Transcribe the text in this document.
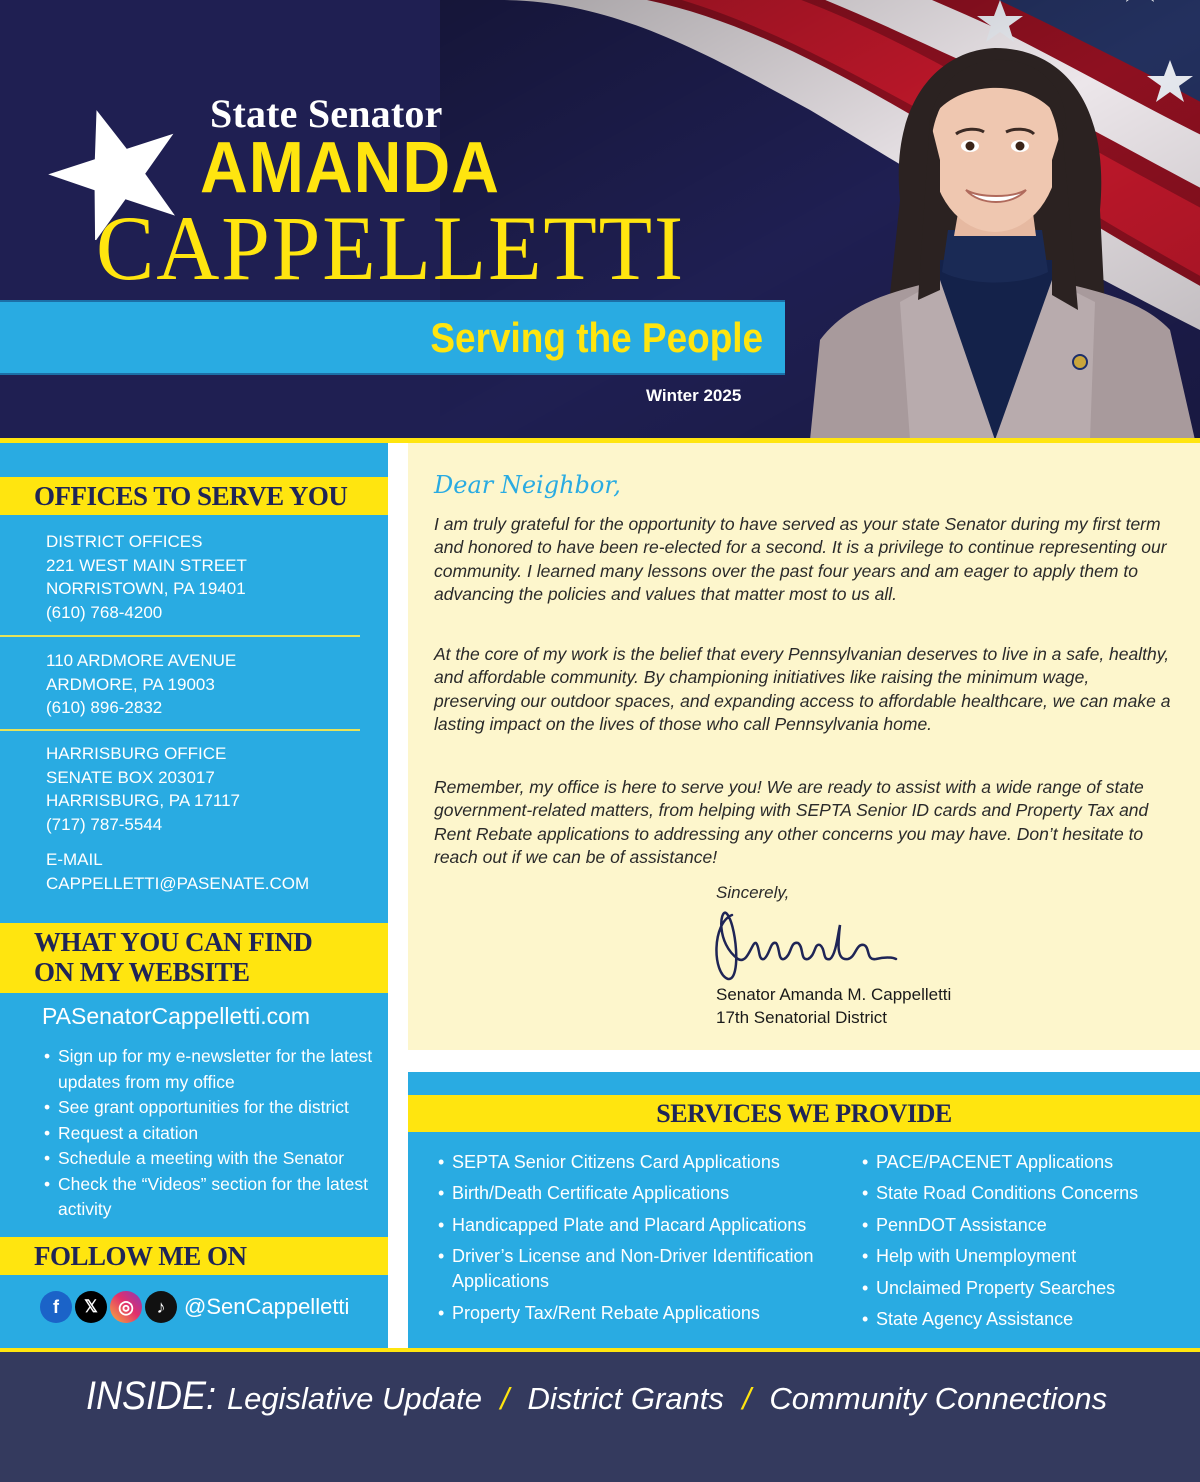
State Senator
AMANDA
CAPPELLETTI
Serving the People
Winter 2025
OFFICES TO SERVE YOU
DISTRICT OFFICES
221 WEST MAIN STREET
NORRISTOWN, PA 19401
(610) 768-4200
110 ARDMORE AVENUE
ARDMORE, PA 19003
(610) 896-2832
HARRISBURG OFFICE
SENATE BOX 203017
HARRISBURG, PA 17117
(717) 787-5544
E-MAIL
CAPPELLETTI@PASENATE.COM
WHAT YOU CAN FIND
ON MY WEBSITE
PASenatorCappelletti.com
• Sign up for my e-newsletter for the latest updates from my office
• See grant opportunities for the district
• Request a citation
• Schedule a meeting with the Senator
• Check the “Videos” section for the latest activity
FOLLOW ME ON
f	𝕏	◎	♪ @SenCappelletti
Dear Neighbor,

I am truly grateful for the opportunity to have served as your state Senator during my first term and honored to have been re-elected for a second. It is a privilege to continue representing our community. I learned many lessons over the past four years and am eager to apply them to advancing the policies and values that matter most to us all.

At the core of my work is the belief that every Pennsylvanian deserves to live in a safe, healthy, and affordable community. By championing initiatives like raising the minimum wage, preserving our outdoor spaces, and expanding access to affordable healthcare, we can make a lasting impact on the lives of those who call Pennsylvania home.

Remember, my office is here to serve you! We are ready to assist with a wide range of state government-related matters, from helping with SEPTA Senior ID cards and Property Tax and Rent Rebate applications to addressing any other concerns you may have. Don’t hesitate to reach out if we can be of assistance!

Sincerely,
Senator Amanda M. Cappelletti
17th Senatorial District
SERVICES WE PROVIDE
• SEPTA Senior Citizens Card Applications
• Birth/Death Certificate Applications
• Handicapped Plate and Placard Applications
• Driver’s License and Non-Driver Identification Applications
• Property Tax/Rent Rebate Applications
• PACE/PACENET Applications
• State Road Conditions Concerns
• PennDOT Assistance
• Help with Unemployment
• Unclaimed Property Searches
• State Agency Assistance
INSIDE: Legislative Update / District Grants / Community Connections
